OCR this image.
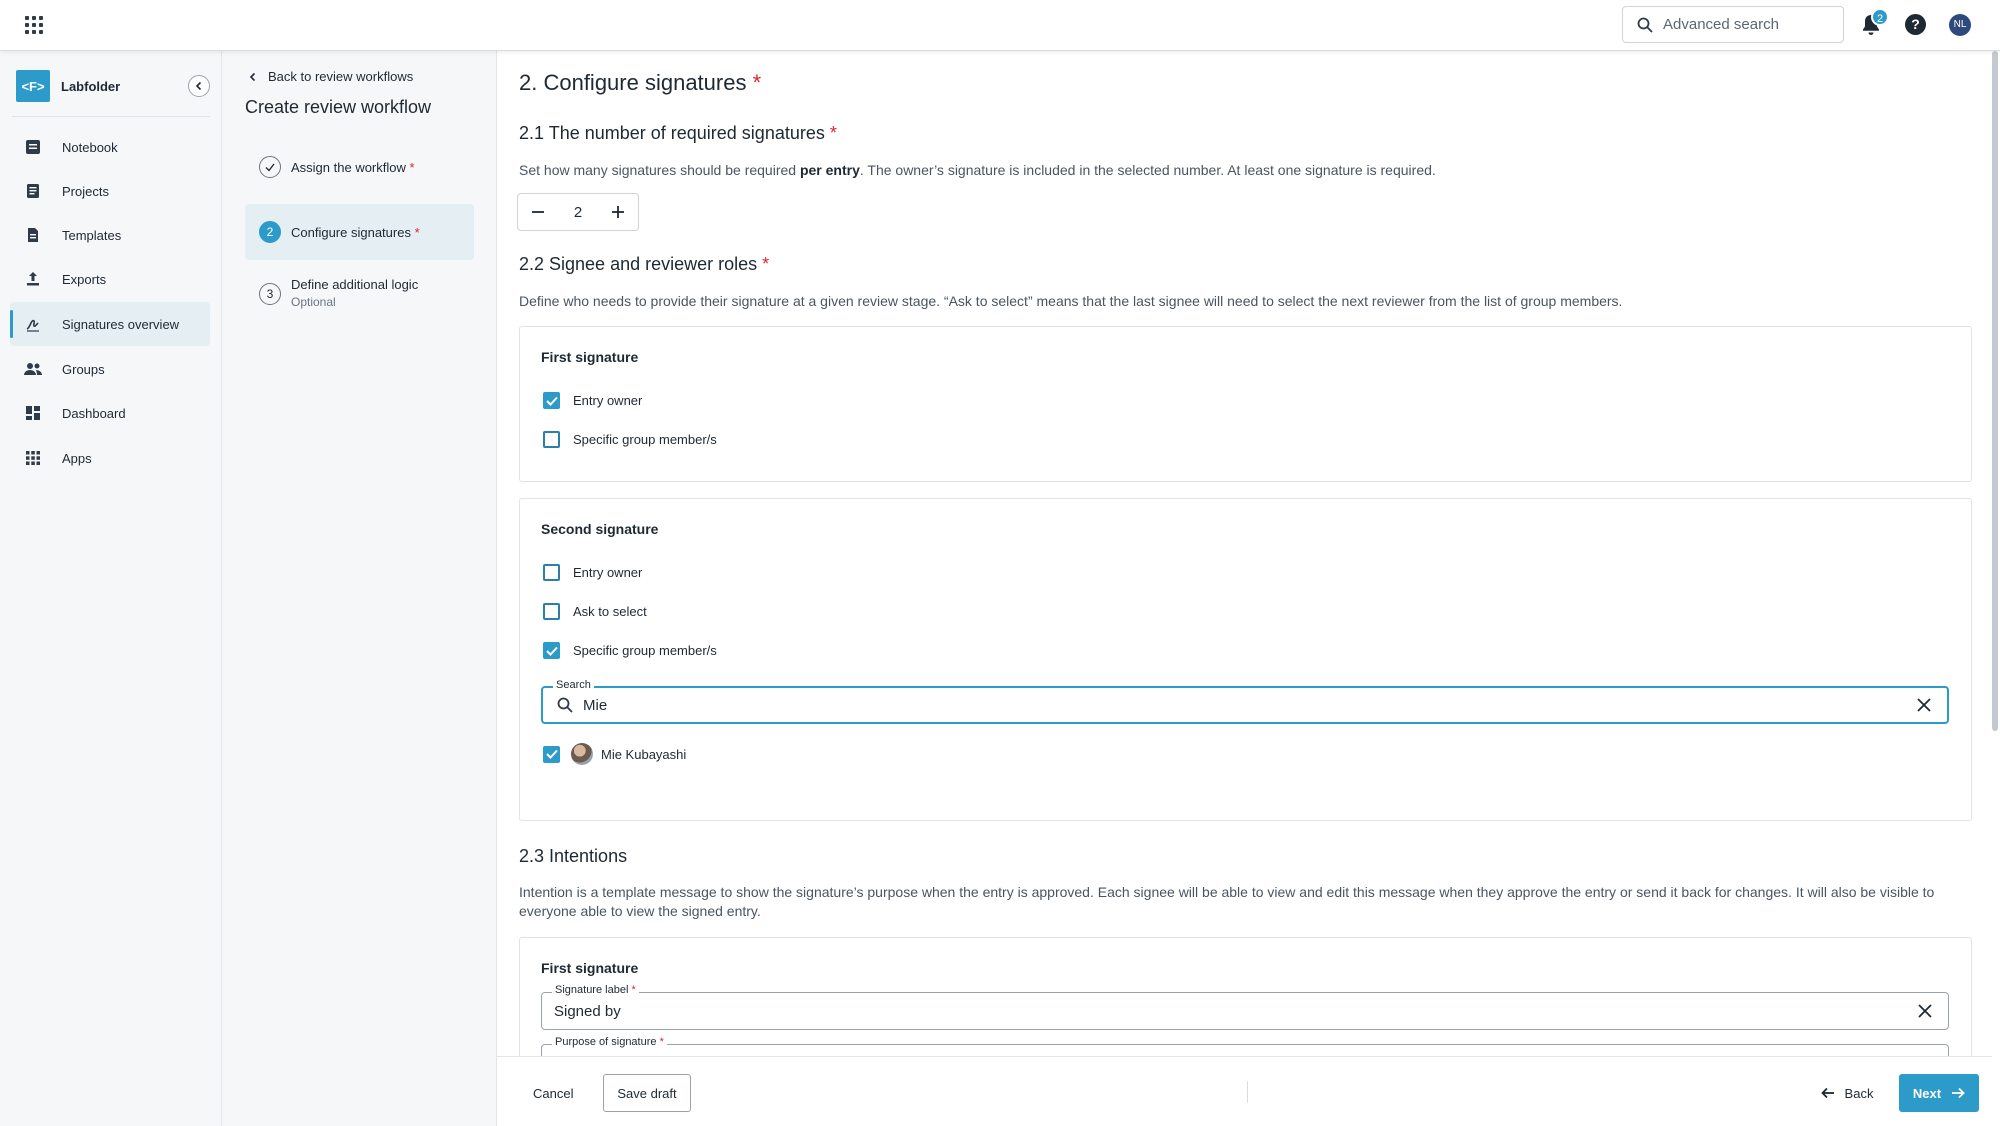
Advanced search	2	?	NL
<F>	Labfolder
Notebook
Projects
Templates
Exports
Signatures overview
Groups
Dashboard
Apps
Back to review workflows
Create review workflow
Assign the workflow *
2	Configure signatures *
3
Define additional logic
Optional
2. Configure signatures *
2.1 The number of required signatures *
Set how many signatures should be required per entry. The owner’s signature is included in the selected number. At least one signature is required.
2
2.2 Signee and reviewer roles *
Define who needs to provide their signature at a given review stage. “Ask to select” means that the last signee will need to select the next reviewer from the list of group members.
First signature
Entry owner
Specific group member/s
Second signature
Entry owner
Ask to select
Specific group member/s
Search
Mie
Mie Kubayashi
2.3 Intentions
Intention is a template message to show the signature’s purpose when the entry is approved. Each signee will be able to view and edit this message when they approve the entry or send it back for changes. It will also be visible to everyone able to view the signed entry.
First signature
Signature label *
Signed by
Purpose of signature *
Cancel	Save draft	Back	Next
